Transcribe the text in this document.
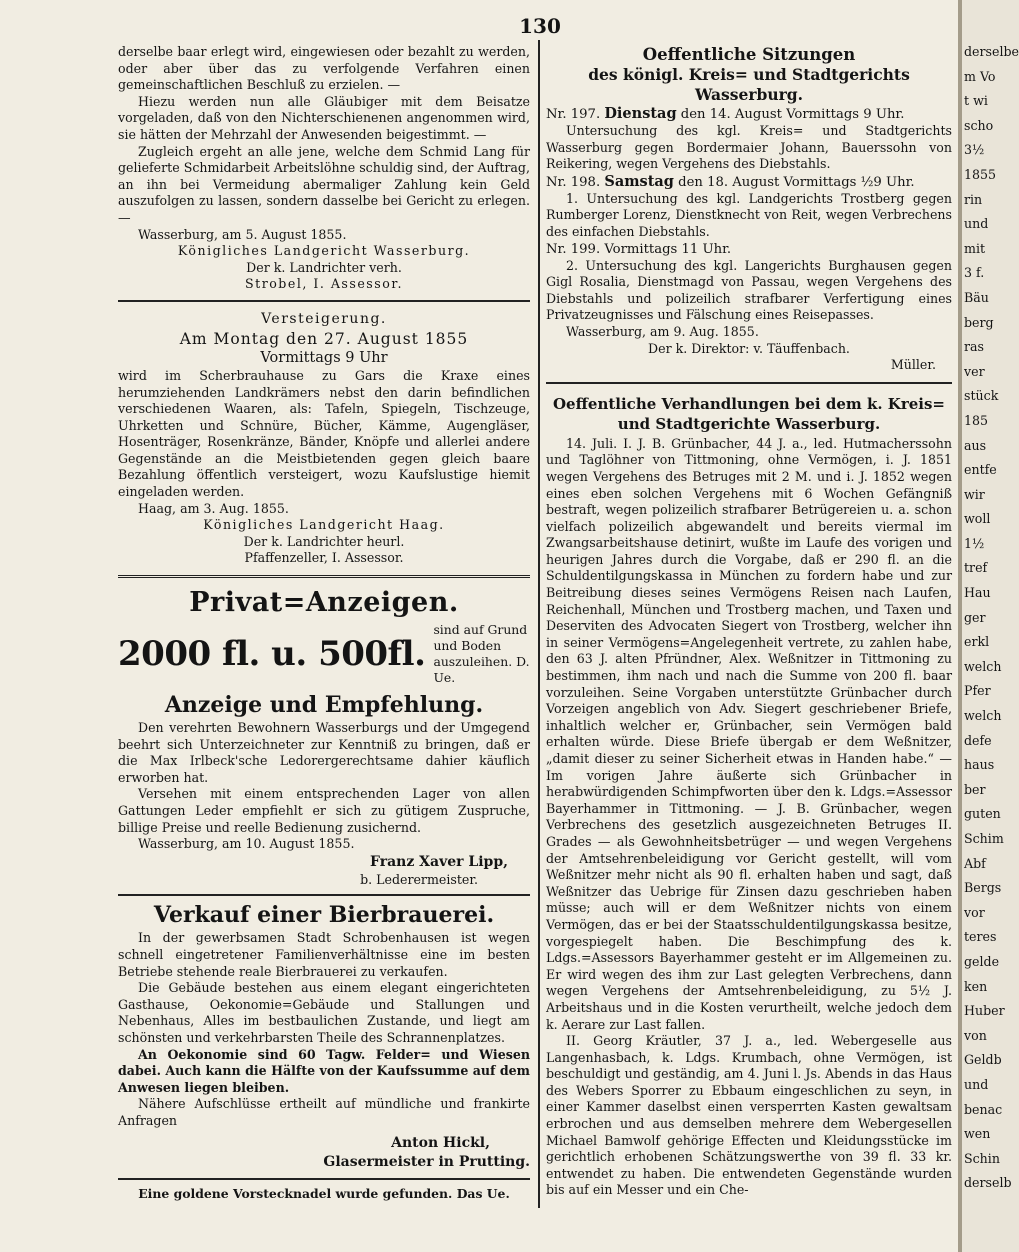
130

derselbe baar erlegt wird, eingewiesen oder bezahlt zu werden, oder aber über das zu verfolgende Verfahren einen gemeinschaftlichen Beschluß zu erzielen. —

Hiezu werden nun alle Gläubiger mit dem Beisatze vorgeladen, daß von den Nichterschienenen angenommen wird, sie hätten der Mehrzahl der Anwesenden beigestimmt. —

Zugleich ergeht an alle jene, welche dem Schmid Lang für gelieferte Schmidarbeit Arbeitslöhne schuldig sind, der Auftrag, an ihn bei Vermeidung abermaliger Zahlung kein Geld auszufolgen zu lassen, sondern dasselbe bei Gericht zu erlegen. —

Wasserburg, am 5. August 1855.

Königliches Landgericht Wasserburg.

Der k. Landrichter verh.

Strobel, I. Assessor.

Versteigerung.

Am Montag den 27. August 1855

Vormittags 9 Uhr

wird im Scherbrauhause zu Gars die Kraxe eines herumziehenden Landkrämers nebst den darin befindlichen verschiedenen Waaren, als: Tafeln, Spiegeln, Tischzeuge, Uhrketten und Schnüre, Bücher, Kämme, Augengläser, Hosenträger, Rosenkränze, Bänder, Knöpfe und allerlei andere Gegenstände an die Meistbietenden gegen gleich baare Bezahlung öffentlich versteigert, wozu Kaufslustige hiemit eingeladen werden.

Haag, am 3. Aug. 1855.

Königliches Landgericht Haag.

Der k. Landrichter heurl.

Pfaffenzeller, I. Assessor.

Privat=Anzeigen.
2000 fl. u. 500fl.
sind auf Grund und Boden auszuleihen. D. Ue.
Anzeige und Empfehlung.

Den verehrten Bewohnern Wasserburgs und der Umgegend beehrt sich Unterzeichneter zur Kenntniß zu bringen, daß er die Max Irlbeck'sche Ledorergerechtsame dahier käuflich erworben hat.

Versehen mit einem entsprechenden Lager von allen Gattungen Leder empfiehlt er sich zu gütigem Zuspruche, billige Preise und reelle Bedienung zusichernd.

Wasserburg, am 10. August 1855.

Franz Xaver Lipp,

b. Lederermeister.

Verkauf einer Bierbrauerei.

In der gewerbsamen Stadt Schrobenhausen ist wegen schnell eingetretener Familienverhältnisse eine im besten Betriebe stehende reale Bierbrauerei zu verkaufen.

Die Gebäude bestehen aus einem elegant eingerichteten Gasthause, Oekonomie=Gebäude und Stallungen und Nebenhaus, Alles im bestbaulichen Zustande, und liegt am schönsten und verkehrbarsten Theile des Schrannenplatzes.

An Oekonomie sind 60 Tagw. Felder= und Wiesen dabei. Auch kann die Hälfte von der Kaufssumme auf dem Anwesen liegen bleiben.

Nähere Aufschlüsse ertheilt auf mündliche und frankirte Anfragen

Anton Hickl,

Glasermeister in Prutting.

Eine goldene Vorstecknadel wurde gefunden. Das Ue.

Oeffentliche Sitzungen
des königl. Kreis= und Stadtgerichts Wasserburg.
Nr. 197. Dienstag den 14. August Vormittags 9 Uhr.

Untersuchung des kgl. Kreis= und Stadtgerichts Wasserburg gegen Bordermaier Johann, Bauerssohn von Reikering, wegen Vergehens des Diebstahls.

Nr. 198. Samstag den 18. August Vormittags ½9 Uhr.

1. Untersuchung des kgl. Landgerichts Trostberg gegen Rumberger Lorenz, Dienstknecht von Reit, wegen Verbrechens des einfachen Diebstahls.

Nr. 199. Vormittags 11 Uhr.

2. Untersuchung des kgl. Langerichts Burghausen gegen Gigl Rosalia, Dienstmagd von Passau, wegen Vergehens des Diebstahls und polizeilich strafbarer Verfertigung eines Privatzeugnisses und Fälschung eines Reisepasses.

Wasserburg, am 9. Aug. 1855.

Der k. Direktor: v. Täuffenbach.

Müller.

Oeffentliche Verhandlungen bei dem k. Kreis= und Stadtgerichte Wasserburg.

14. Juli. I. J. B. Grünbacher, 44 J. a., led. Hutmacherssohn und Taglöhner von Tittmoning, ohne Vermögen, i. J. 1851 wegen Vergehens des Betruges mit 2 M. und i. J. 1852 wegen eines eben solchen Vergehens mit 6 Wochen Gefängniß bestraft, wegen polizeilich strafbarer Betrügereien u. a. schon vielfach polizeilich abgewandelt und bereits viermal im Zwangsarbeitshause detinirt, wußte im Laufe des vorigen und heurigen Jahres durch die Vorgabe, daß er 290 fl. an die Schuldentilgungskassa in München zu fordern habe und zur Beitreibung dieses seines Vermögens Reisen nach Laufen, Reichenhall, München und Trostberg machen, und Taxen und Deserviten des Advocaten Siegert von Trostberg, welcher ihn in seiner Vermögens=Angelegenheit vertrete, zu zahlen habe, den 63 J. alten Pfründner, Alex. Weßnitzer in Tittmoning zu bestimmen, ihm nach und nach die Summe von 200 fl. baar vorzuleihen. Seine Vorgaben unterstützte Grünbacher durch Vorzeigen angeblich von Adv. Siegert geschriebener Briefe, inhaltlich welcher er, Grünbacher, sein Vermögen bald erhalten würde. Diese Briefe übergab er dem Weßnitzer, „damit dieser zu seiner Sicherheit etwas in Handen habe.“ — Im vorigen Jahre äußerte sich Grünbacher in herabwürdigenden Schimpfworten über den k. Ldgs.=Assessor Bayerhammer in Tittmoning. — J. B. Grünbacher, wegen Verbrechens des gesetzlich ausgezeichneten Betruges II. Grades — als Gewohnheitsbetrüger — und wegen Vergehens der Amtsehrenbeleidigung vor Gericht gestellt, will vom Weßnitzer mehr nicht als 90 fl. erhalten haben und sagt, daß Weßnitzer das Uebrige für Zinsen dazu geschrieben haben müsse; auch will er dem Weßnitzer nichts von einem Vermögen, das er bei der Staatsschuldentilgungskassa besitze, vorgespiegelt haben. Die Beschimpfung des k. Ldgs.=Assessors Bayerhammer gesteht er im Allgemeinen zu. Er wird wegen des ihm zur Last gelegten Verbrechens, dann wegen Vergehens der Amtsehrenbeleidigung, zu 5½ J. Arbeitshaus und in die Kosten verurtheilt, welche jedoch dem k. Aerare zur Last fallen.

II. Georg Kräutler, 37 J. a., led. Webergeselle aus Langenhasbach, k. Ldgs. Krumbach, ohne Vermögen, ist beschuldigt und geständig, am 4. Juni l. Js. Abends in das Haus des Webers Sporrer zu Ebbaum eingeschlichen zu seyn, in einer Kammer daselbst einen versperrten Kasten gewaltsam erbrochen und aus demselben mehrere dem Webergesellen Michael Bamwolf gehörige Effecten und Kleidungsstücke im gerichtlich erhobenen Schätzungswerthe von 39 fl. 33 kr. entwendet zu haben. Die entwendeten Gegenstände wurden bis auf ein Messer und ein Che-

derselbe

m Vo

t wi

scho

3½

1855

rin

und

mit

3 f.

Bäu

berg

ras

ver

stück

185

aus

entfe

wir

woll

1½

tref

Hau

ger

erkl

welch

Pfer

welch

defe

haus

ber

guten

Schim

Abf

Bergs

vor

teres

gelde

ken

Huber

von

Geldb

und

benac

wen

Schin

derselb
